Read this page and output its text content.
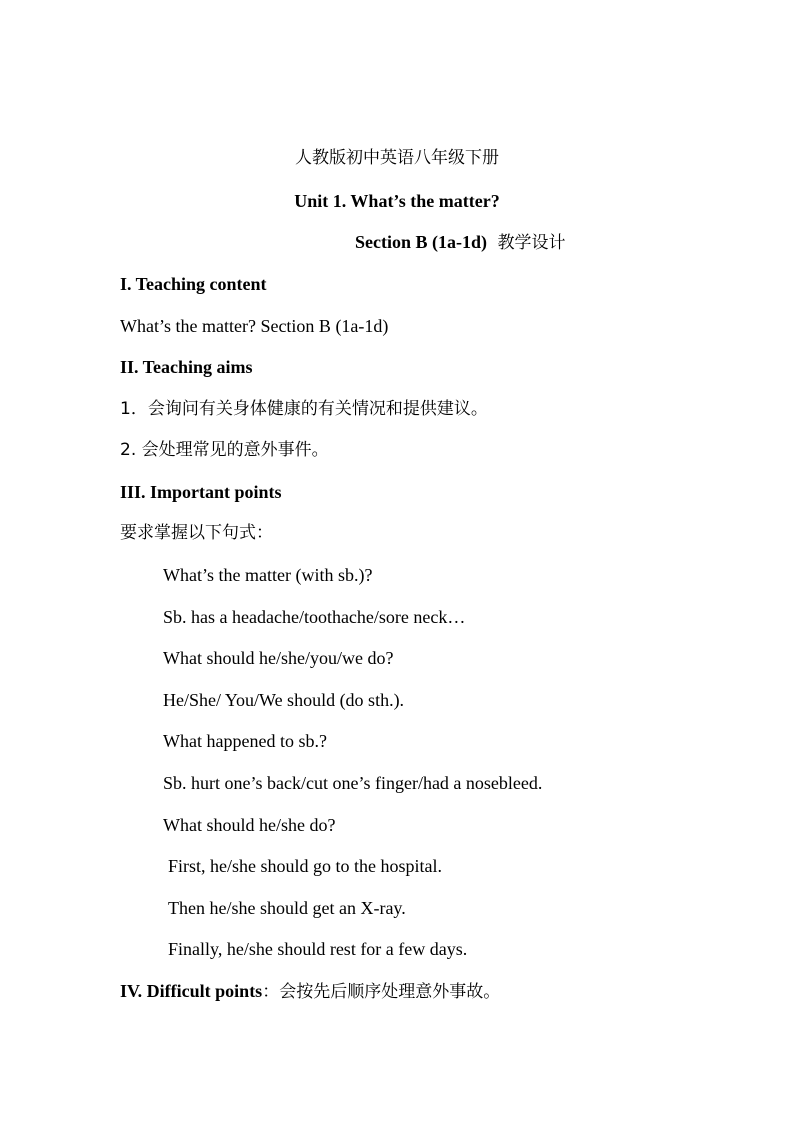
人教版初中英语八年级下册
Unit 1. What’s the matter?
Section B (1a-1d) 教学设计
I. Teaching content
What’s the matter? Section B (1a-1d)
II. Teaching aims
1．会询问有关身体健康的有关情况和提供建议。
2. 会处理常见的意外事件。
III. Important points
要求掌握以下句式：
What’s the matter (with sb.)?
Sb. has a headache/toothache/sore neck…
What should he/she/you/we do?
He/She/ You/We should (do sth.).
What happened to sb.?
Sb. hurt one’s back/cut one’s finger/had a nosebleed.
What should he/she do?
First, he/she should go to the hospital.
Then he/she should get an X-ray.
Finally, he/she should rest for a few days.
IV. Difficult points：会按先后顺序处理意外事故。
